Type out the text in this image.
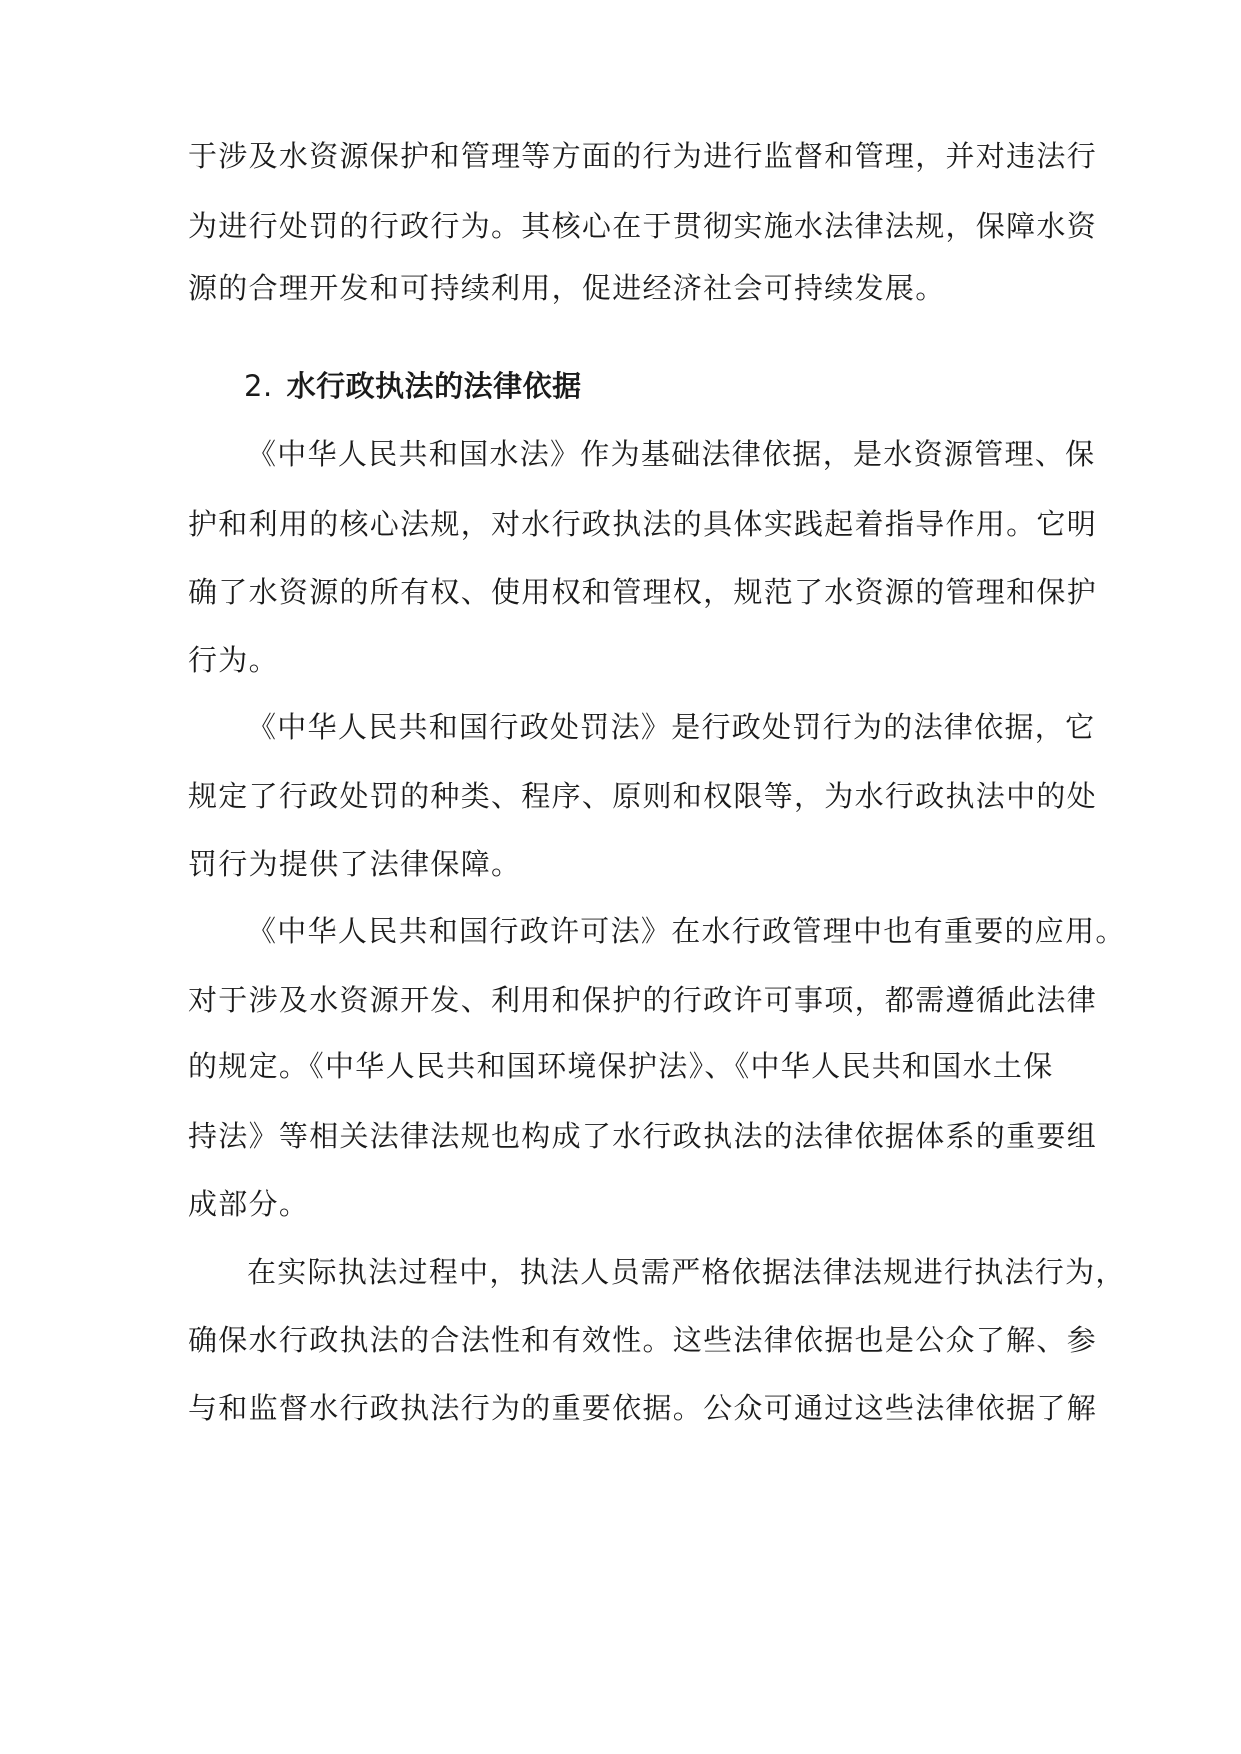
于涉及水资源保护和管理等方面的行为进行监督和管理，并对违法行
为进行处罚的行政行为。其核心在于贯彻实施水法律法规，保障水资
源的合理开发和可持续利用，促进经济社会可持续发展。
2. 水行政执法的法律依据
《中华人民共和国水法》作为基础法律依据，是水资源管理、保
护和利用的核心法规，对水行政执法的具体实践起着指导作用。它明
确了水资源的所有权、使用权和管理权，规范了水资源的管理和保护
行为。
《中华人民共和国行政处罚法》是行政处罚行为的法律依据，它
规定了行政处罚的种类、程序、原则和权限等，为水行政执法中的处
罚行为提供了法律保障。
《中华人民共和国行政许可法》在水行政管理中也有重要的应用。
对于涉及水资源开发、利用和保护的行政许可事项，都需遵循此法律
的规定。《中华人民共和国环境保护法》、《中华人民共和国水土保
持法》等相关法律法规也构成了水行政执法的法律依据体系的重要组
成部分。
在实际执法过程中，执法人员需严格依据法律法规进行执法行为，
确保水行政执法的合法性和有效性。这些法律依据也是公众了解、参
与和监督水行政执法行为的重要依据。公众可通过这些法律依据了解
